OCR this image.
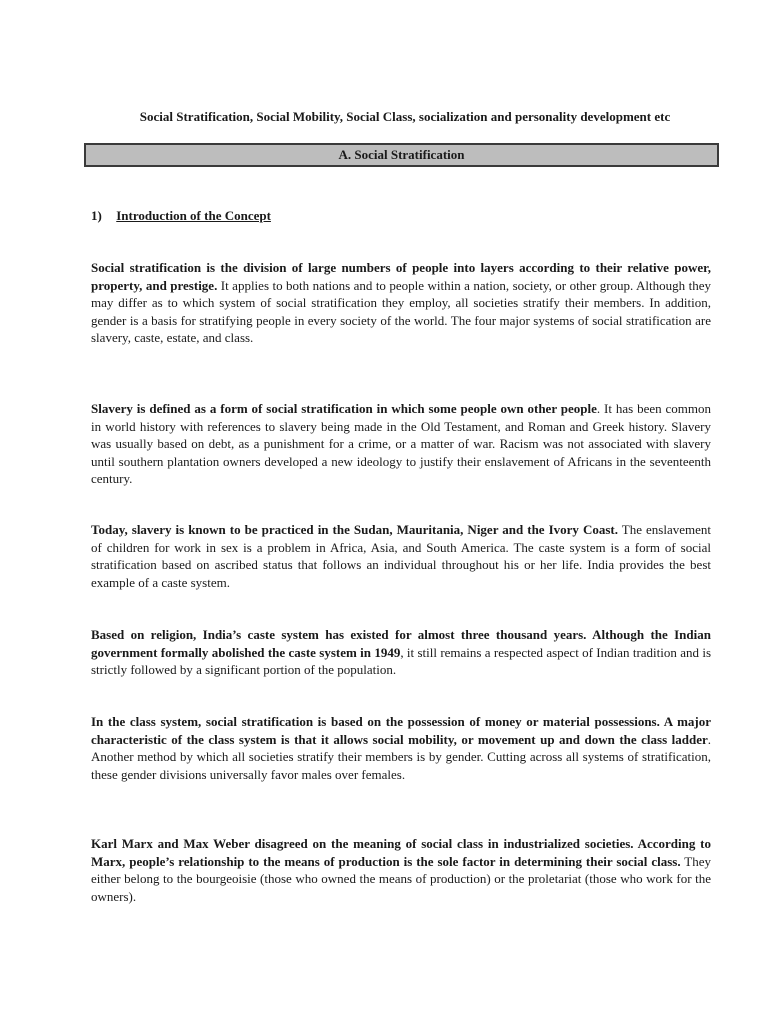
Social Stratification, Social Mobility, Social Class, socialization and personality development etc
A. Social Stratification
1) Introduction of the Concept

Social stratification is the division of large numbers of people into layers according to their relative power, property, and prestige. It applies to both nations and to people within a nation, society, or other group. Although they may differ as to which system of social stratification they employ, all societies stratify their members. In addition, gender is a basis for stratifying people in every society of the world. The four major systems of social stratification are slavery, caste, estate, and class.

Slavery is defined as a form of social stratification in which some people own other people. It has been common in world history with references to slavery being made in the Old Testament, and Roman and Greek history. Slavery was usually based on debt, as a punishment for a crime, or a matter of war. Racism was not associated with slavery until southern plantation owners developed a new ideology to justify their enslavement of Africans in the seventeenth century.

Today, slavery is known to be practiced in the Sudan, Mauritania, Niger and the Ivory Coast. The enslavement of children for work in sex is a problem in Africa, Asia, and South America. The caste system is a form of social stratification based on ascribed status that follows an individual throughout his or her life. India provides the best example of a caste system.

Based on religion, India’s caste system has existed for almost three thousand years. Although the Indian government formally abolished the caste system in 1949, it still remains a respected aspect of Indian tradition and is strictly followed by a significant portion of the population.

In the class system, social stratification is based on the possession of money or material possessions. A major characteristic of the class system is that it allows social mobility, or movement up and down the class ladder. Another method by which all societies stratify their members is by gender. Cutting across all systems of stratification, these gender divisions universally favor males over females.

Karl Marx and Max Weber disagreed on the meaning of social class in industrialized societies. According to Marx, people’s relationship to the means of production is the sole factor in determining their social class. They either belong to the bourgeoisie (those who owned the means of production) or the proletariat (those who work for the owners).
